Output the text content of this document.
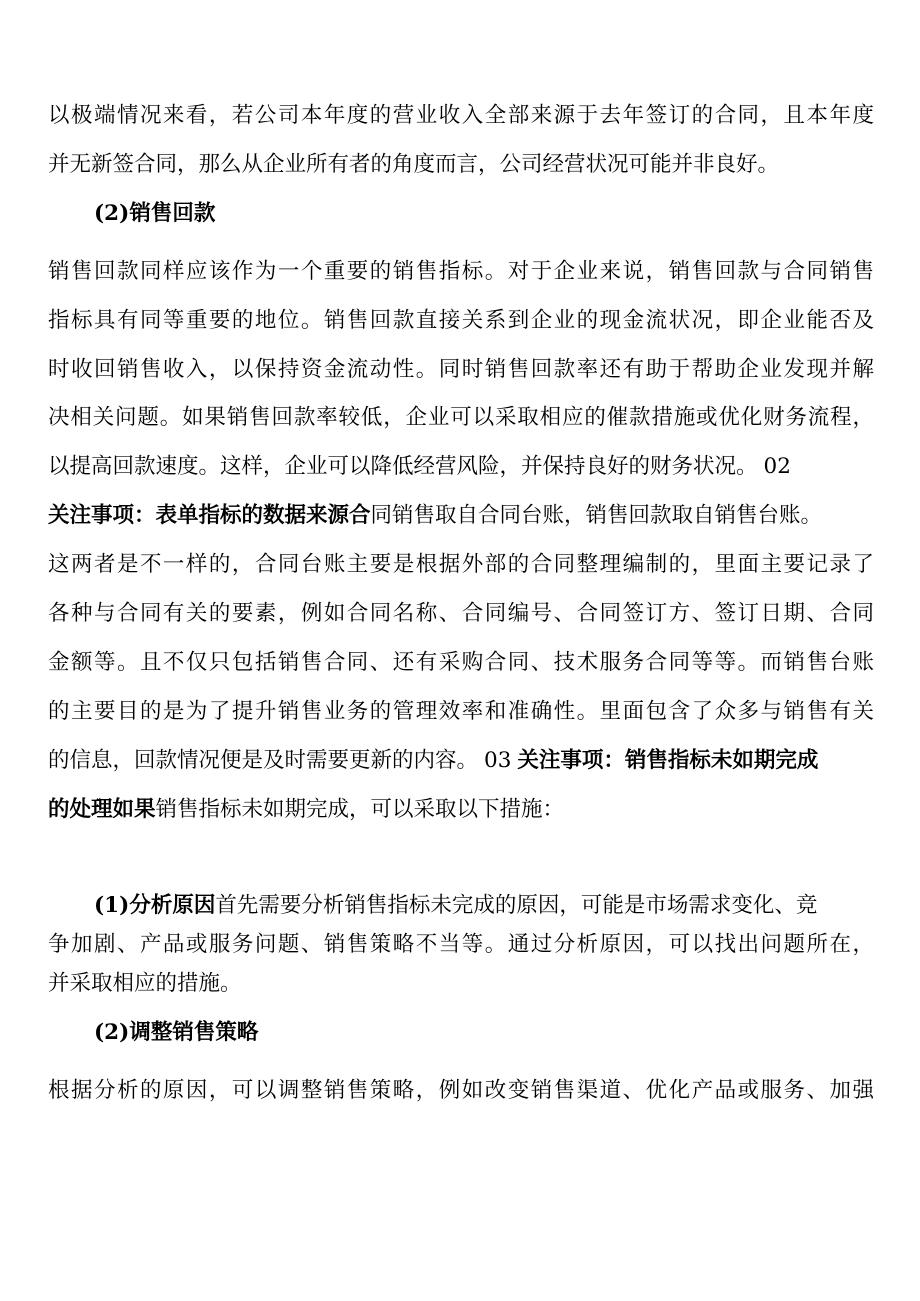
以极端情况来看，若公司本年度的营业收入全部来源于去年签订的合同，且本年度
并无新签合同，那么从企业所有者的角度而言，公司经营状况可能并非良好。
(2)销售回款
销售回款同样应该作为一个重要的销售指标。对于企业来说，销售回款与合同销售
指标具有同等重要的地位。销售回款直接关系到企业的现金流状况，即企业能否及
时收回销售收入，以保持资金流动性。同时销售回款率还有助于帮助企业发现并解
决相关问题。如果销售回款率较低，企业可以采取相应的催款措施或优化财务流程，
以提高回款速度。这样，企业可以降低经营风险，并保持良好的财务状况。 02
关注事项：表单指标的数据来源合同销售取自合同台账，销售回款取自销售台账。
这两者是不一样的，合同台账主要是根据外部的合同整理编制的，里面主要记录了
各种与合同有关的要素，例如合同名称、合同编号、合同签订方、签订日期、合同
金额等。且不仅只包括销售合同、还有采购合同、技术服务合同等等。而销售台账
的主要目的是为了提升销售业务的管理效率和准确性。里面包含了众多与销售有关
的信息，回款情况便是及时需要更新的内容。 03 关注事项：销售指标未如期完成
的处理如果销售指标未如期完成，可以采取以下措施：
(1)分析原因首先需要分析销售指标未完成的原因，可能是市场需求变化、竞
争加剧、产品或服务问题、销售策略不当等。通过分析原因，可以找出问题所在，
并采取相应的措施。
(2)调整销售策略
根据分析的原因，可以调整销售策略，例如改变销售渠道、优化产品或服务、加强
